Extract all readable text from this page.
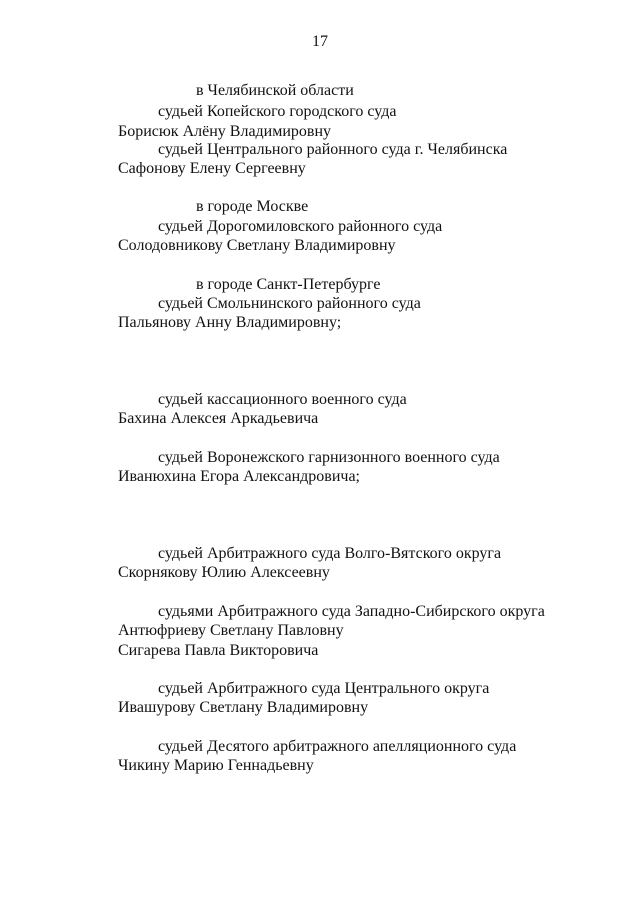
17
в Челябинской области
судьей Копейского городского суда
Борисюк Алёну Владимировну
судьей Центрального районного суда г. Челябинска
Сафонову Елену Сергеевну
в городе Москве
судьей Дорогомиловского районного суда
Солодовникову Светлану Владимировну
в городе Санкт-Петербурге
судьей Смольнинского районного суда
Пальянову Анну Владимировну;
судьей кассационного военного суда
Бахина Алексея Аркадьевича
судьей Воронежского гарнизонного военного суда
Иванюхина Егора Александровича;
судьей Арбитражного суда Волго-Вятского округа
Скорнякову Юлию Алексеевну
судьями Арбитражного суда Западно-Сибирского округа
Антюфриеву Светлану Павловну
Сигарева Павла Викторовича
судьей Арбитражного суда Центрального округа
Ивашурову Светлану Владимировну
судьей Десятого арбитражного апелляционного суда
Чикину Марию Геннадьевну
